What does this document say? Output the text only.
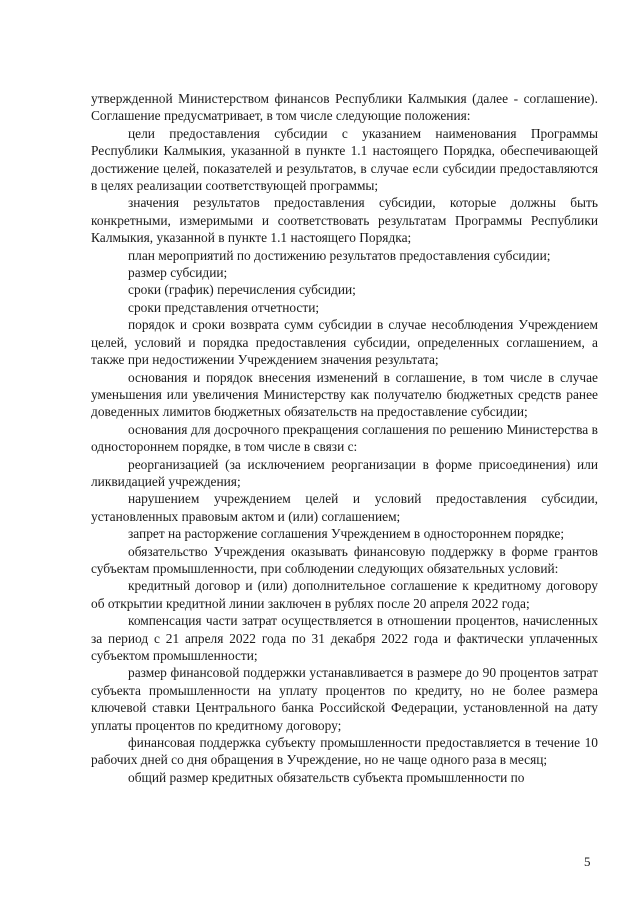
утвержденной Министерством финансов Республики Калмыкия (далее - соглашение). Соглашение предусматривает, в том числе следующие положения:

цели предоставления субсидии с указанием наименования Программы Республики Калмыкия, указанной в пункте 1.1 настоящего Порядка, обеспечивающей достижение целей, показателей и результатов, в случае если субсидии предоставляются в целях реализации соответствующей программы;

значения результатов предоставления субсидии, которые должны быть конкретными, измеримыми и соответствовать результатам Программы Республики Калмыкия, указанной в пункте 1.1 настоящего Порядка;

план мероприятий по достижению результатов предоставления субсидии;

размер субсидии;

сроки (график) перечисления субсидии;

сроки представления отчетности;

порядок и сроки возврата сумм субсидии в случае несоблюдения Учреждением целей, условий и порядка предоставления субсидии, определенных соглашением, а также при недостижении Учреждением значения результата;

основания и порядок внесения изменений в соглашение, в том числе в случае уменьшения или увеличения Министерству как получателю бюджетных средств ранее доведенных лимитов бюджетных обязательств на предоставление субсидии;

основания для досрочного прекращения соглашения по решению Министерства в одностороннем порядке, в том числе в связи с:

реорганизацией (за исключением реорганизации в форме присоединения) или ликвидацией учреждения;

нарушением учреждением целей и условий предоставления субсидии, установленных правовым актом и (или) соглашением;

запрет на расторжение соглашения Учреждением в одностороннем порядке;

обязательство Учреждения оказывать финансовую поддержку в форме грантов субъектам промышленности, при соблюдении следующих обязательных условий:

кредитный договор и (или) дополнительное соглашение к кредитному договору об открытии кредитной линии заключен в рублях после 20 апреля 2022 года;

компенсация части затрат осуществляется в отношении процентов, начисленных за период с 21 апреля 2022 года по 31 декабря 2022 года и фактически уплаченных субъектом промышленности;

размер финансовой поддержки устанавливается в размере до 90 процентов затрат субъекта промышленности на уплату процентов по кредиту, но не более размера ключевой ставки Центрального банка Российской Федерации, установленной на дату уплаты процентов по кредитному договору;

финансовая поддержка субъекту промышленности предоставляется в течение 10 рабочих дней со дня обращения в Учреждение, но не чаще одного раза в месяц;

общий размер кредитных обязательств субъекта промышленности по

5
